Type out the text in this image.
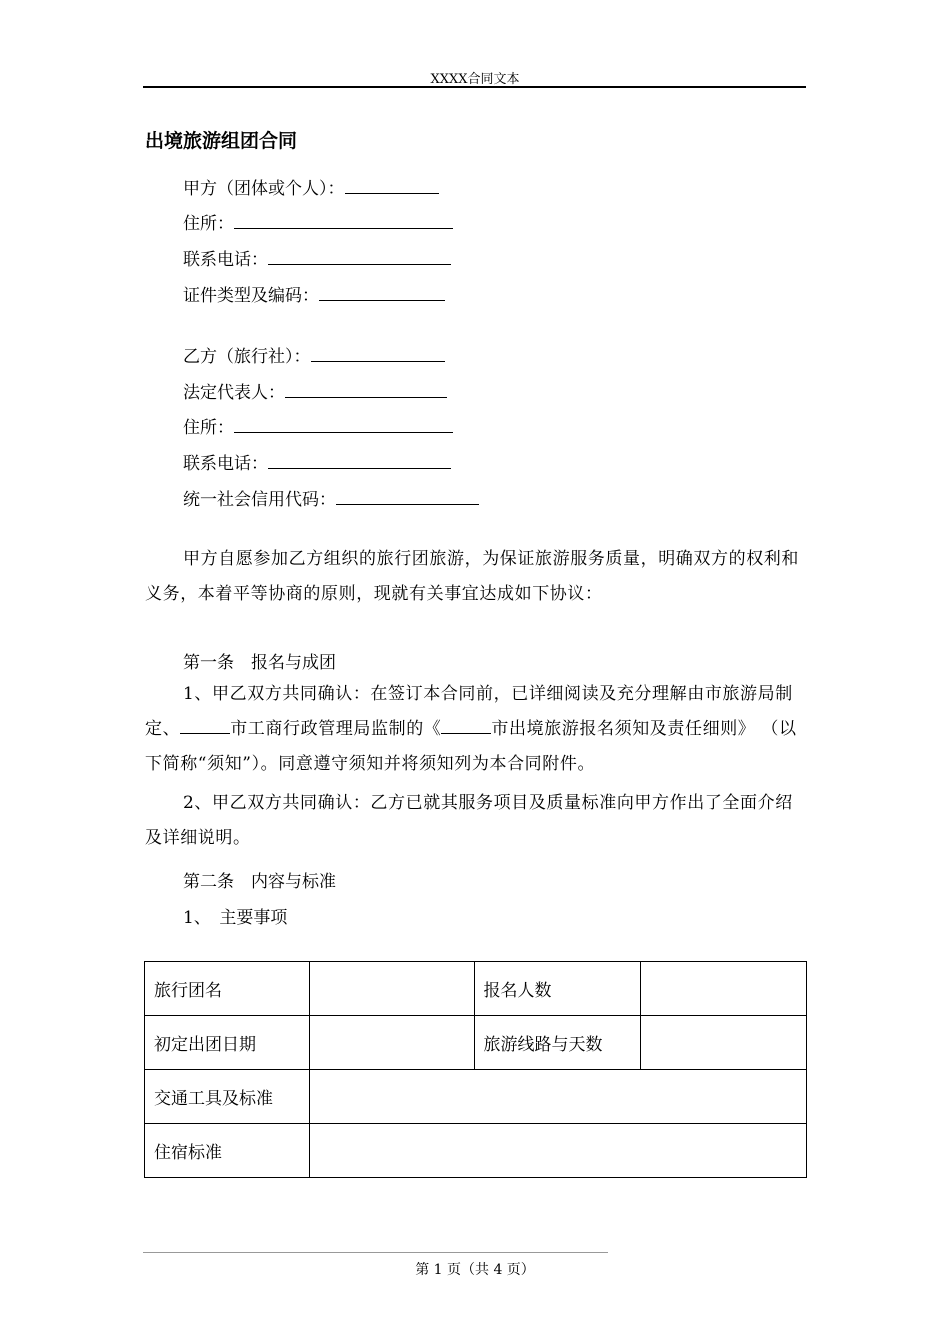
XXXX合同文本
出境旅游组团合同
甲方（团体或个人）：
住所：
联系电话：
证件类型及编码：
乙方（旅行社）：
法定代表人：
住所：
联系电话：
统一社会信用代码：

甲方自愿参加乙方组织的旅行团旅游，为保证旅游服务质量，明确双方的权利和义务，本着平等协商的原则，现就有关事宜达成如下协议：

第一条　报名与成团

1、甲乙双方共同确认：在签订本合同前，已详细阅读及充分理解由市旅游局制定、	市工商行政管理局监制的《	市出境旅游报名须知及责任细则》 （以下简称“须知”）。同意遵守须知并将须知列为本合同附件。

2、甲乙双方共同确认：乙方已就其服务项目及质量标准向甲方作出了全面介绍及详细说明。

第二条　内容与标准
1、　主要事项
旅行团名		报名人数	
初定出团日期		旅游线路与天数	
交通工具及标准			
住宿标准			
第 1 页（共 4 页）
